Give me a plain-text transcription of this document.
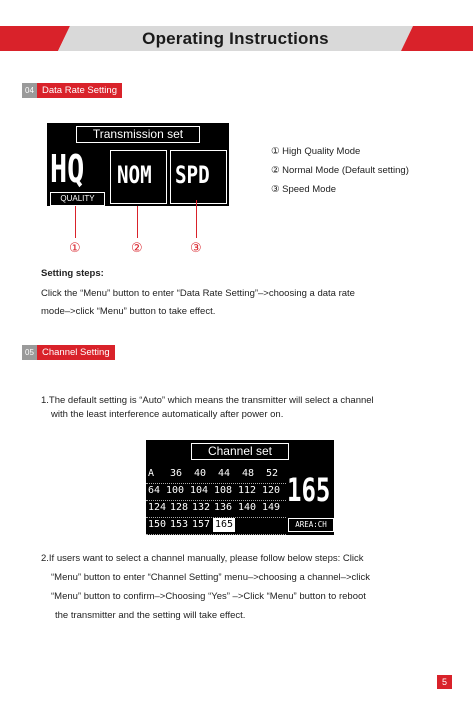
Operating Instructions
04 Data Rate Setting
Transmission set
HQ
QUALITY
NOM SPD
①	②	③
① High Quality Mode
② Normal Mode (Default setting)
③ Speed Mode
Setting steps:
Click the “Menu” button to enter “Data Rate Setting”–>choosing a data rate
mode–>click “Menu” button to take effect.
05 Channel Setting
1.The default setting is “Auto” which means the transmitter will select a channel
with the least interference automatically after power on.
Channel set
A 36 40 44 48 52
64 100 104 108 112 120
124 128 132 136 140 149
150 153 157 165
165
AREA:CH
2.If users want to select a channel manually, please follow below steps: Click
“Menu” button to enter “Channel Setting” menu–>choosing a channel–>click
“Menu” button to confirm–>Choosing “Yes” –>Click “Menu” button to reboot
the transmitter and the setting will take effect.
5
